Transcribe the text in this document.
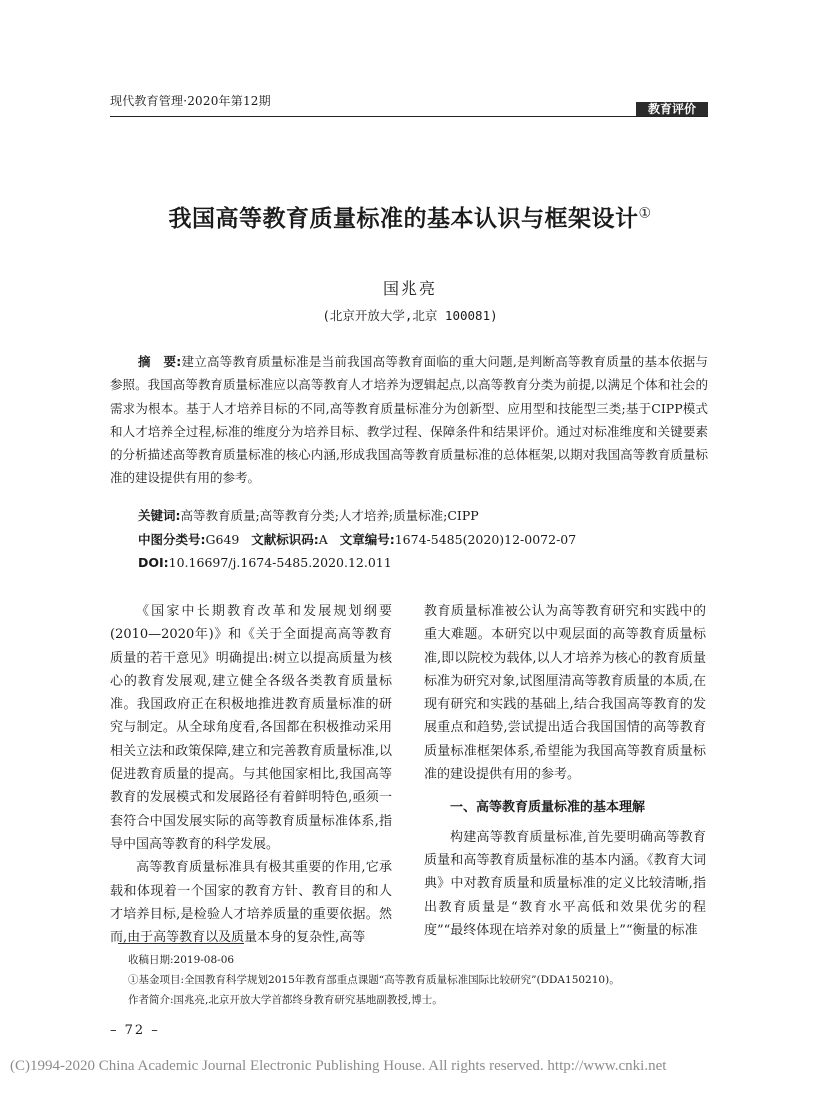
现代教育管理·2020年第12期
教育评价
我国高等教育质量标准的基本认识与框架设计①
国兆亮
(北京开放大学,北京 100081)
摘　要:建立高等教育质量标准是当前我国高等教育面临的重大问题,是判断高等教育质量的基本依据与参照。我国高等教育质量标准应以高等教育人才培养为逻辑起点,以高等教育分类为前提,以满足个体和社会的需求为根本。基于人才培养目标的不同,高等教育质量标准分为创新型、应用型和技能型三类;基于CIPP模式和人才培养全过程,标准的维度分为培养目标、教学过程、保障条件和结果评价。通过对标准维度和关键要素的分析描述高等教育质量标准的核心内涵,形成我国高等教育质量标准的总体框架,以期对我国高等教育质量标准的建设提供有用的参考。
关键词:高等教育质量;高等教育分类;人才培养;质量标准;CIPP
中图分类号:G649 文献标识码:A 文章编号:1674-5485(2020)12-0072-07
DOI:10.16697/j.1674-5485.2020.12.011

《国家中长期教育改革和发展规划纲要(2010—2020年)》和《关于全面提高高等教育质量的若干意见》明确提出:树立以提高质量为核心的教育发展观,建立健全各级各类教育质量标准。我国政府正在积极地推进教育质量标准的研究与制定。从全球角度看,各国都在积极推动采用相关立法和政策保障,建立和完善教育质量标准,以促进教育质量的提高。与其他国家相比,我国高等教育的发展模式和发展路径有着鲜明特色,亟须一套符合中国发展实际的高等教育质量标准体系,指导中国高等教育的科学发展。

高等教育质量标准具有极其重要的作用,它承载和体现着一个国家的教育方针、教育目的和人才培养目标,是检验人才培养质量的重要依据。然而,由于高等教育以及质量本身的复杂性,高等

教育质量标准被公认为高等教育研究和实践中的重大难题。本研究以中观层面的高等教育质量标准,即以院校为载体,以人才培养为核心的教育质量标准为研究对象,试图厘清高等教育质量的本质,在现有研究和实践的基础上,结合我国高等教育的发展重点和趋势,尝试提出适合我国国情的高等教育质量标准框架体系,希望能为我国高等教育质量标准的建设提供有用的参考。

一、高等教育质量标准的基本理解

构建高等教育质量标准,首先要明确高等教育质量和高等教育质量标准的基本内涵。《教育大词典》中对教育质量和质量标准的定义比较清晰,指出教育质量是“教育水平高低和效果优劣的程度”“最终体现在培养对象的质量上”“衡量的标准

收稿日期:2019-08-06
①基金项目:全国教育科学规划2015年教育部重点课题“高等教育质量标准国际比较研究”(DDA150210)。
作者简介:国兆亮,北京开放大学首都终身教育研究基地副教授,博士。
– 72 –
(C)1994-2020 China Academic Journal Electronic Publishing House. All rights reserved. http://www.cnki.net
